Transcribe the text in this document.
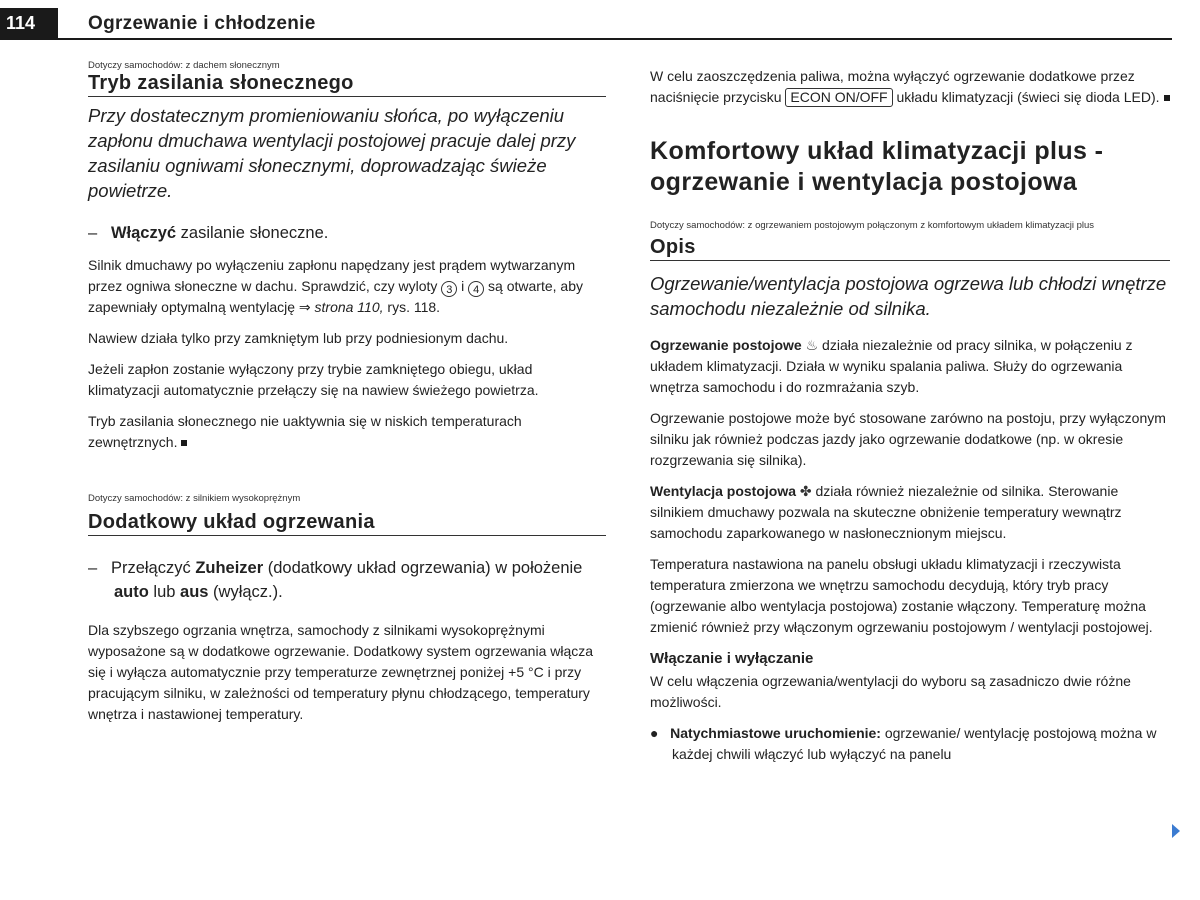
114	Ogrzewanie i chłodzenie

Dotyczy samochodów: z dachem słonecznym

Tryb zasilania słonecznego

Przy dostatecznym promieniowaniu słońca, po wyłączeniu zapłonu dmuchawa wentylacji postojowej pracuje dalej przy zasilaniu ogniwami słonecznymi, doprowadzając świeże powietrze.

– Włączyć zasilanie słoneczne.

Silnik dmuchawy po wyłączeniu zapłonu napędzany jest prądem wytwarzanym przez ogniwa słoneczne w dachu. Sprawdzić, czy wyloty 3 i 4 są otwarte, aby zapewniały optymalną wentylację ⇒ strona 110, rys. 118.

Nawiew działa tylko przy zamkniętym lub przy podniesionym dachu.

Jeżeli zapłon zostanie wyłączony przy trybie zamkniętego obiegu, układ klimatyzacji automatycznie przełączy się na nawiew świeżego powietrza.

Tryb zasilania słonecznego nie uaktywnia się w niskich temperaturach zewnętrznych.

Dotyczy samochodów: z silnikiem wysokoprężnym

Dodatkowy układ ogrzewania

– Przełączyć Zuheizer (dodatkowy układ ogrzewania) w położenie auto lub aus (wyłącz.).

Dla szybszego ogrzania wnętrza, samochody z silnikami wysokoprężnymi wyposażone są w dodatkowe ogrzewanie. Dodatkowy system ogrzewania włącza się i wyłącza automatycznie przy temperaturze zewnętrznej poniżej +5 °C i przy pracującym silniku, w zależności od temperatury płynu chłodzącego, temperatury wnętrza i nastawionej temperatury.

W celu zaoszczędzenia paliwa, można wyłączyć ogrzewanie dodatkowe przez naciśnięcie przycisku ECON ON/OFF układu klimatyzacji (świeci się dioda LED).

Komfortowy układ klimatyzacji plus - ogrzewanie i wentylacja postojowa

Dotyczy samochodów: z ogrzewaniem postojowym połączonym z komfortowym układem klimatyzacji plus

Opis

Ogrzewanie/wentylacja postojowa ogrzewa lub chłodzi wnętrze samochodu niezależnie od silnika.

Ogrzewanie postojowe ♨ działa niezależnie od pracy silnika, w połączeniu z układem klimatyzacji. Działa w wyniku spalania paliwa. Służy do ogrzewania wnętrza samochodu i do rozmrażania szyb.

Ogrzewanie postojowe może być stosowane zarówno na postoju, przy wyłączonym silniku jak również podczas jazdy jako ogrzewanie dodatkowe (np. w okresie rozgrzewania się silnika).

Wentylacja postojowa ✤ działa również niezależnie od silnika. Sterowanie silnikiem dmuchawy pozwala na skuteczne obniżenie temperatury wewnątrz samochodu zaparkowanego w nasłonecznionym miejscu.

Temperatura nastawiona na panelu obsługi układu klimatyzacji i rzeczywista temperatura zmierzona we wnętrzu samochodu decydują, który tryb pracy (ogrzewanie albo wentylacja postojowa) zostanie włączony. Temperaturę można zmienić również przy włączonym ogrzewaniu postojowym / wentylacji postojowej.

Włączanie i wyłączanie

W celu włączenia ogrzewania/wentylacji do wyboru są zasadniczo dwie różne możliwości.

● Natychmiastowe uruchomienie: ogrzewanie/ wentylację postojową można w każdej chwili włączyć lub wyłączyć na panelu
